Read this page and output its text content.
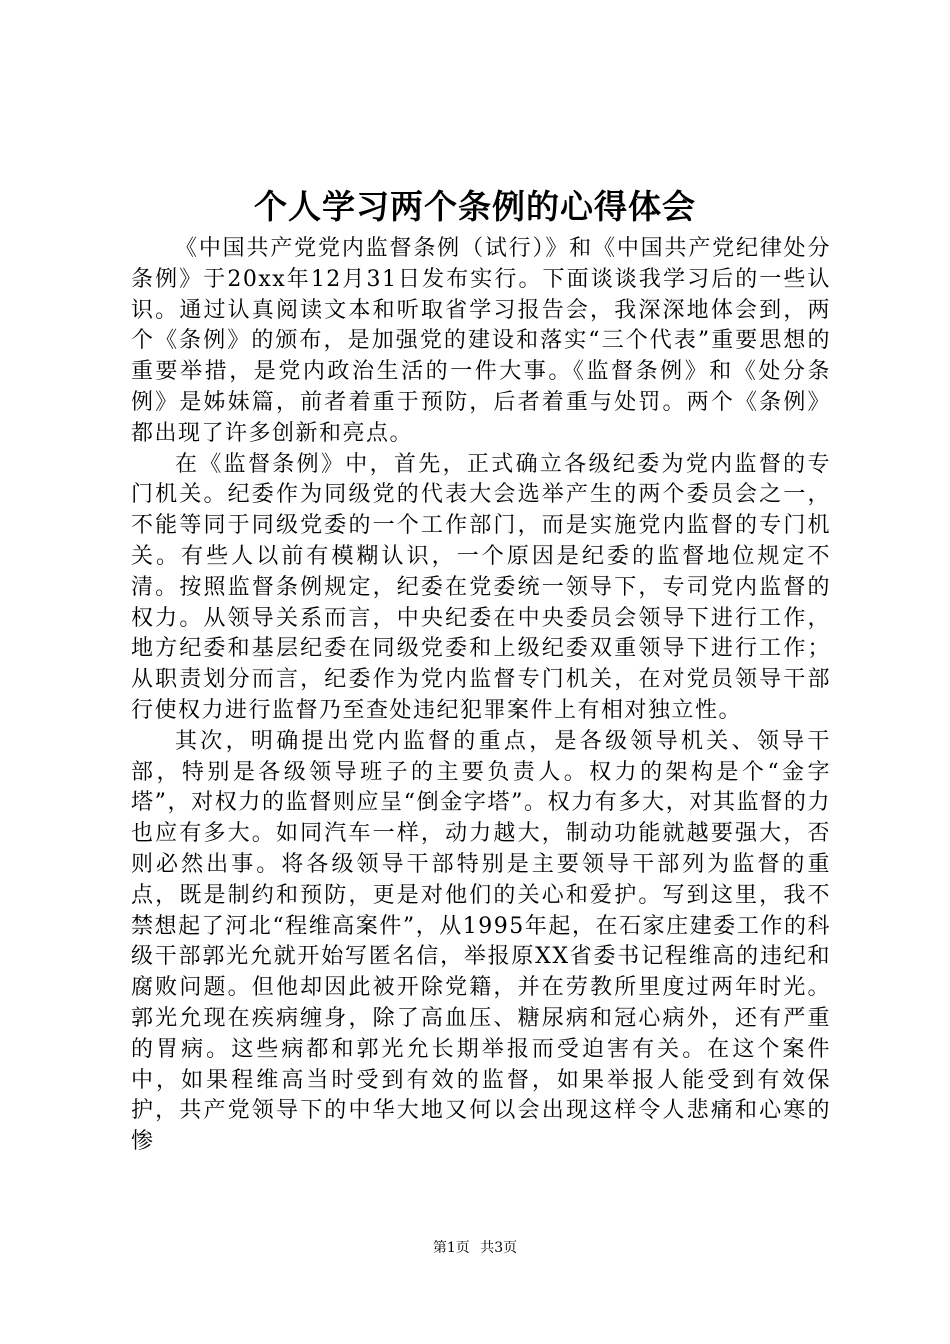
个人学习两个条例的心得体会

《中国共产党党内监督条例（试行）》和《中国共产党纪律处分条例》于20xx年12月31日发布实行。下面谈谈我学习后的一些认识。通过认真阅读文本和听取省学习报告会，我深深地体会到，两个《条例》的颁布，是加强党的建设和落实“三个代表”重要思想的重要举措，是党内政治生活的一件大事。《监督条例》和《处分条例》是姊妹篇，前者着重于预防，后者着重与处罚。两个《条例》都出现了许多创新和亮点。

在《监督条例》中，首先，正式确立各级纪委为党内监督的专门机关。纪委作为同级党的代表大会选举产生的两个委员会之一，不能等同于同级党委的一个工作部门，而是实施党内监督的专门机关。有些人以前有模糊认识，一个原因是纪委的监督地位规定不清。按照监督条例规定，纪委在党委统一领导下，专司党内监督的权力。从领导关系而言，中央纪委在中央委员会领导下进行工作，地方纪委和基层纪委在同级党委和上级纪委双重领导下进行工作；从职责划分而言，纪委作为党内监督专门机关，在对党员领导干部行使权力进行监督乃至查处违纪犯罪案件上有相对独立性。

其次，明确提出党内监督的重点，是各级领导机关、领导干部，特别是各级领导班子的主要负责人。权力的架构是个“金字塔”，对权力的监督则应呈“倒金字塔”。权力有多大，对其监督的力也应有多大。如同汽车一样，动力越大，制动功能就越要强大，否则必然出事。将各级领导干部特别是主要领导干部列为监督的重点，既是制约和预防，更是对他们的关心和爱护。写到这里，我不禁想起了河北“程维高案件”，从1995年起，在石家庄建委工作的科级干部郭光允就开始写匿名信，举报原XX省委书记程维高的违纪和腐败问题。但他却因此被开除党籍，并在劳教所里度过两年时光。郭光允现在疾病缠身，除了高血压、糖尿病和冠心病外，还有严重的胃病。这些病都和郭光允长期举报而受迫害有关。在这个案件中，如果程维高当时受到有效的监督，如果举报人能受到有效保护，共产党领导下的中华大地又何以会出现这样令人悲痛和心寒的惨

第1页 共3页
